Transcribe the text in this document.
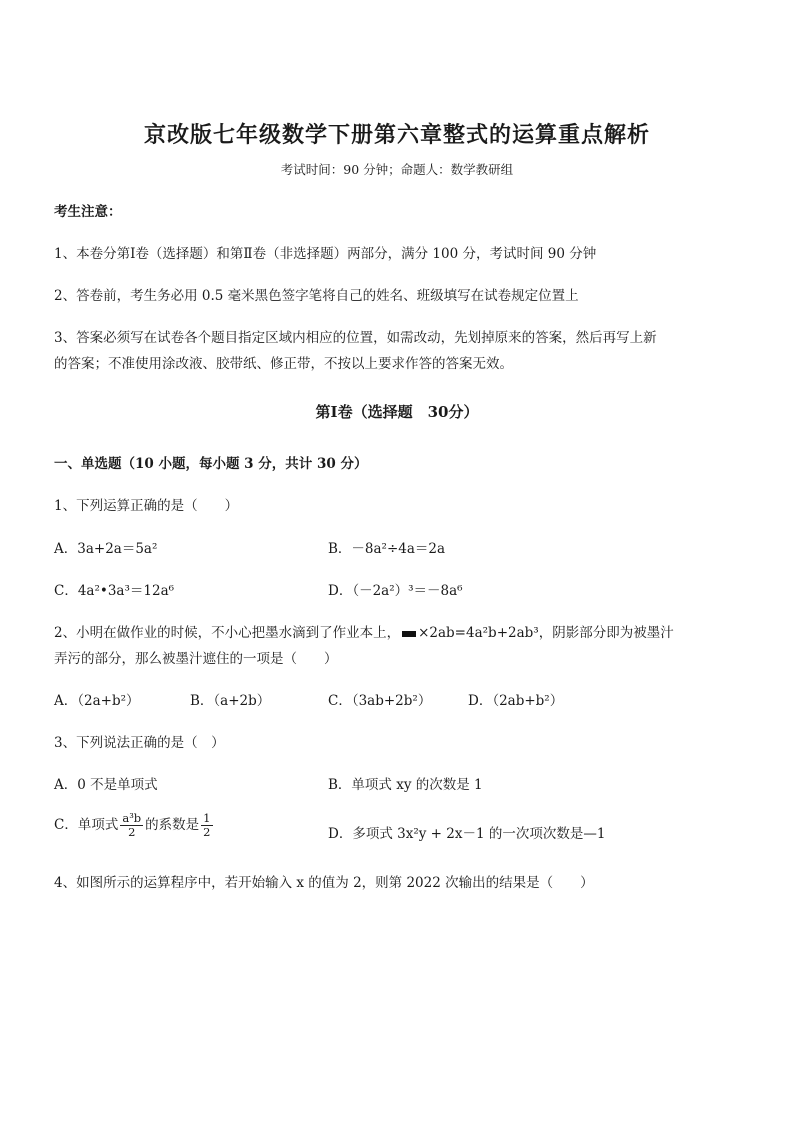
京改版七年级数学下册第六章整式的运算重点解析
考试时间：90 分钟；命题人：数学教研组
考生注意：
1、本卷分第Ⅰ卷（选择题）和第Ⅱ卷（非选择题）两部分，满分 100 分，考试时间 90 分钟
2、答卷前，考生务必用 0.5 毫米黑色签字笔将自己的姓名、班级填写在试卷规定位置上
3、答案必须写在试卷各个题目指定区域内相应的位置，如需改动，先划掉原来的答案，然后再写上新
的答案；不准使用涂改液、胶带纸、修正带，不按以上要求作答的答案无效。
第Ⅰ卷（选择题　30分）
一、单选题（10 小题，每小题 3 分，共计 30 分）
1、下列运算正确的是（　　）
A．3a+2a＝5a²	B．－8a²÷4a＝2a
C．4a²•3a³＝12a⁶	D．（－2a²）³＝－8a⁶
2、小明在做作业的时候，不小心把墨水滴到了作业本上， ×2ab=4a²b+2ab³，阴影部分即为被墨汁
弄污的部分，那么被墨汁遮住的一项是（　　）
A．（2a+b²）	B．（a+2b）	C．（3ab+2b²）	D．（2ab+b²）
3、下列说法正确的是（　）
A．0 不是单项式	B．单项式 xy 的次数是 1
C．单项式 $\frac{\text{a³b}}{2}$ 的系数是 $\frac{1}{2}$	D．多项式 3x²y + 2x－1 的一次项次数是—1
4、如图所示的运算程序中，若开始输入 x 的值为 2，则第 2022 次输出的结果是（　　）
